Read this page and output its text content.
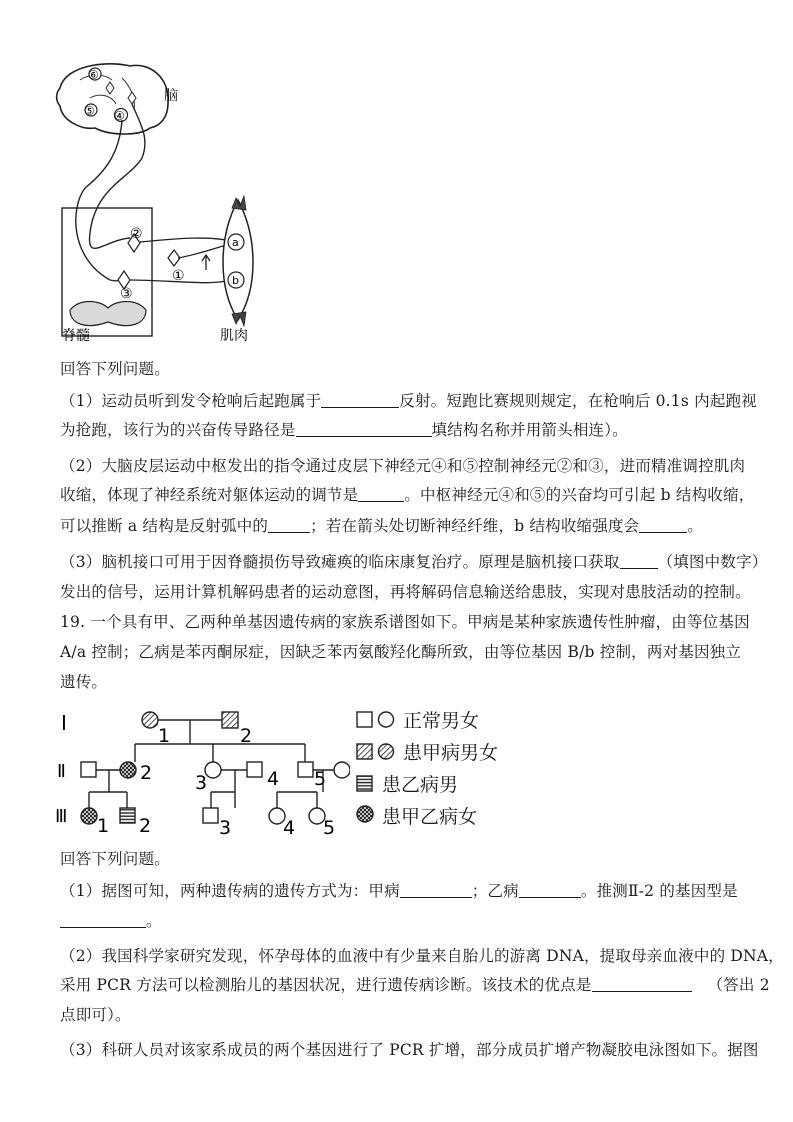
⑥
⑤ ④
脑
②
③
①
a
b
脊髓	肌肉
回答下列问题。
（1）运动员听到发令枪响后起跑属于	反射。短跑比赛规则规定，在枪响后 0.1s 内起跑视
为抢跑，该行为的兴奋传导路径是	填结构名称并用箭头相连）。
（2）大脑皮层运动中枢发出的指令通过皮层下神经元④和⑤控制神经元②和③，进而精准调控肌肉
收缩，体现了神经系统对躯体运动的调节是	。中枢神经元④和⑤的兴奋均可引起 b 结构收缩，
可以推断 a 结构是反射弧中的	；若在箭头处切断神经纤维，b 结构收缩强度会	。
（3）脑机接口可用于因脊髓损伤导致瘫痪的临床康复治疗。原理是脑机接口获取 （填图中数字）
发出的信号，运用计算机解码患者的运动意图，再将解码信息输送给患肢，实现对患肢活动的控制。
19. 一个具有甲、乙两种单基因遗传病的家族系谱图如下。甲病是某种家族遗传性肿瘤，由等位基因
A/a 控制；乙病是苯丙酮尿症，因缺乏苯丙氨酸羟化酶所致，由等位基因 B/b 控制，两对基因独立
遗传。
I
Ⅱ
Ⅲ
1	2
2 3	4 5
1 2	3	4 5
正常男女
患甲病男女
患乙病男
患甲乙病女
回答下列问题。
（1）据图可知，两种遗传病的遗传方式为：甲病	；乙病	。推测Ⅱ-2 的基因型是
。
（2）我国科学家研究发现，怀孕母体的血液中有少量来自胎儿的游离 DNA，提取母亲血液中的 DNA，
采用 PCR 方法可以检测胎儿的基因状况，进行遗传病诊断。该技术的优点是	（答出 2
点即可）。
（3）科研人员对该家系成员的两个基因进行了 PCR 扩增，部分成员扩增产物凝胶电泳图如下。据图
